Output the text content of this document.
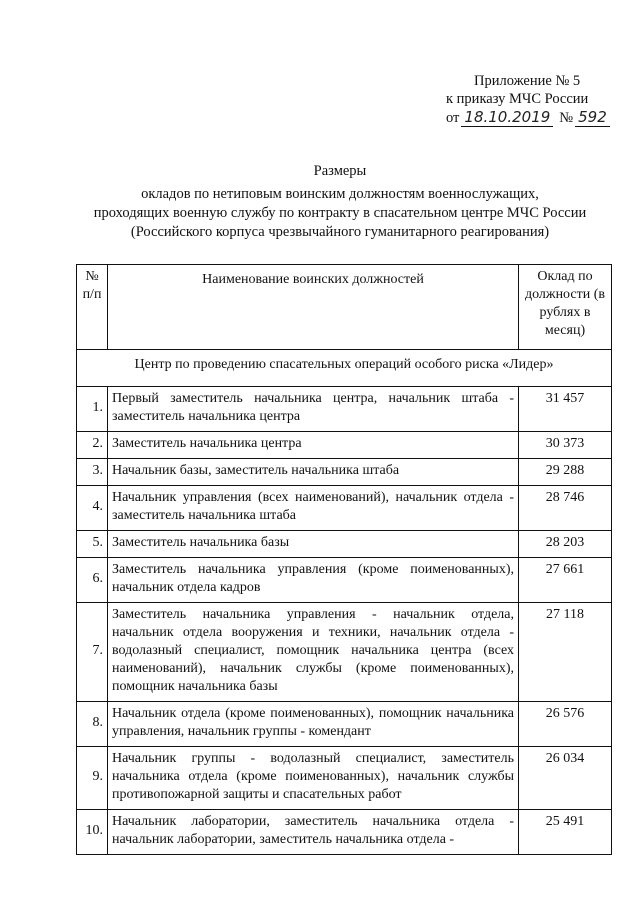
Приложение № 5
к приказу МЧС России
от 18.10.2019 № 592
Размеры
окладов по нетиповым воинским должностям военнослужащих,
проходящих военную службу по контракту в спасательном центре МЧС России
(Российского корпуса чрезвычайного гуманитарного реагирования)
№ п/п	Наименование воинских должностей	Оклад по должности (в рублях в месяц)
Центр по проведению спасательных операций особого риска «Лидер»		
1.	Первый заместитель начальника центра, начальник штаба - заместитель начальника центра	31 457
2.	Заместитель начальника центра	30 373
3.	Начальник базы, заместитель начальника штаба	29 288
4.	Начальник управления (всех наименований), начальник отдела - заместитель начальника штаба	28 746
5.	Заместитель начальника базы	28 203
6.	Заместитель начальника управления (кроме поименованных), начальник отдела кадров	27 661
7.	Заместитель начальника управления - начальник отдела, начальник отдела вооружения и техники, начальник отдела - водолазный специалист, помощник начальника центра (всех наименований), начальник службы (кроме поименованных), помощник начальника базы	27 118
8.	Начальник отдела (кроме поименованных), помощник начальника управления, начальник группы - комендант	26 576
9.	Начальник группы - водолазный специалист, заместитель начальника отдела (кроме поименованных), начальник службы противопожарной защиты и спасательных работ	26 034
10.	Начальник лаборатории, заместитель начальника отдела - начальник лаборатории, заместитель начальника отдела -	25 491
